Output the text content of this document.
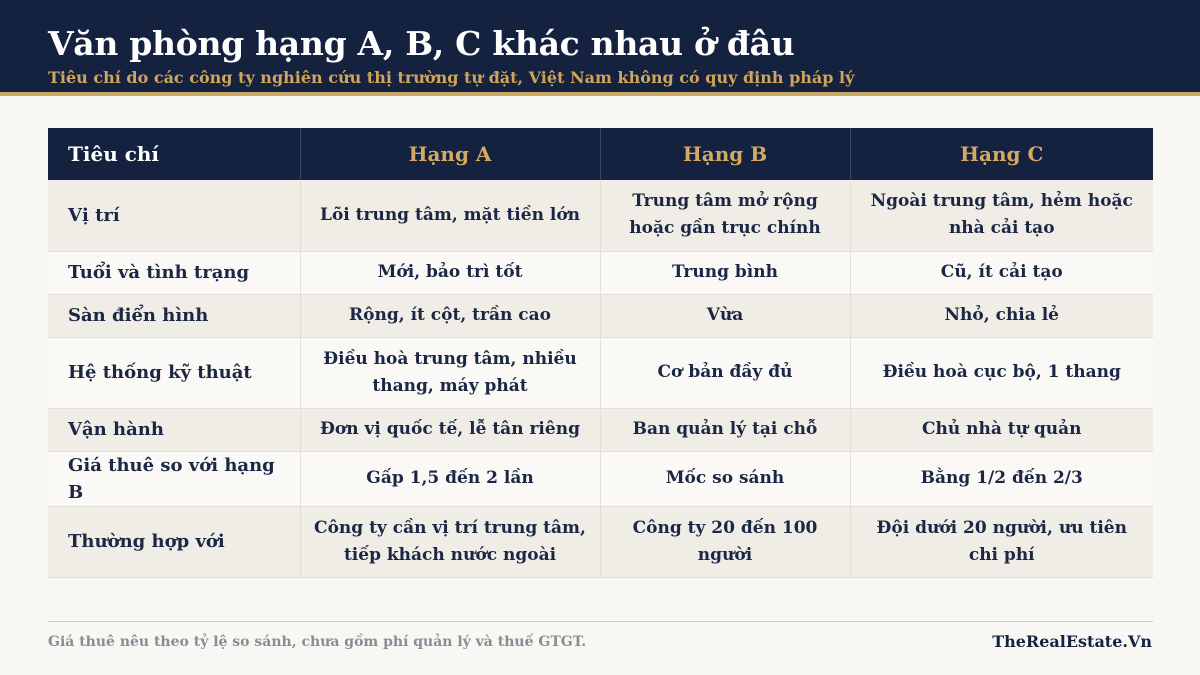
Văn phòng hạng A, B, C khác nhau ở đâu
Tiêu chí do các công ty nghiên cứu thị trường tự đặt, Việt Nam không có quy định pháp lý
Tiêu chí	Hạng A	Hạng B	Hạng C
Vị trí	Lõi trung tâm, mặt tiền lớn	Trung tâm mở rộng hoặc gần trục chính	Ngoài trung tâm, hẻm hoặc nhà cải tạo
Tuổi và tình trạng	Mới, bảo trì tốt	Trung bình	Cũ, ít cải tạo
Sàn điển hình	Rộng, ít cột, trần cao	Vừa	Nhỏ, chia lẻ
Hệ thống kỹ thuật	Điều hoà trung tâm, nhiều thang, máy phát	Cơ bản đầy đủ	Điều hoà cục bộ, 1 thang
Vận hành	Đơn vị quốc tế, lễ tân riêng	Ban quản lý tại chỗ	Chủ nhà tự quản
Giá thuê so với hạng B	Gấp 1,5 đến 2 lần	Mốc so sánh	Bằng 1/2 đến 2/3
Thường hợp với	Công ty cần vị trí trung tâm, tiếp khách nước ngoài	Công ty 20 đến 100 người	Đội dưới 20 người, ưu tiên chi phí
Giá thuê nêu theo tỷ lệ so sánh, chưa gồm phí quản lý và thuế GTGT.	TheRealEstate.Vn
